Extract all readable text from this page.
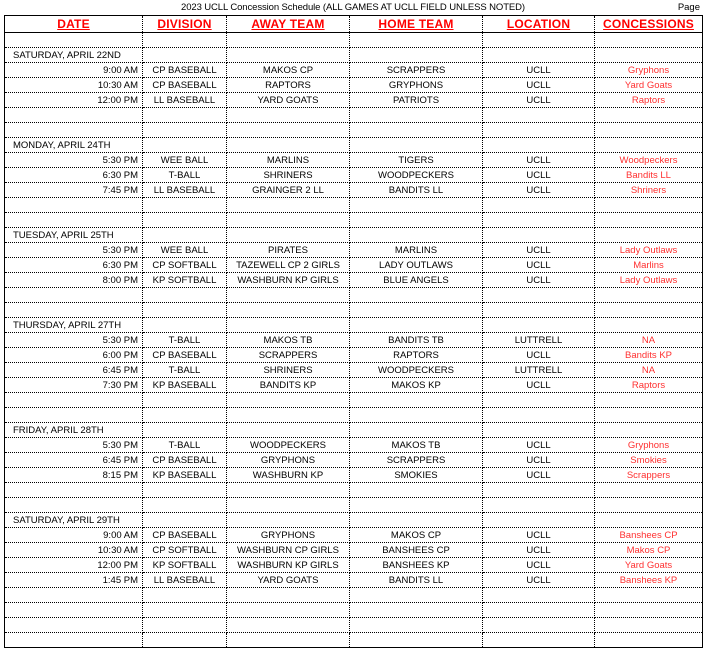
2023 UCLL Concession Schedule (ALL GAMES AT UCLL FIELD UNLESS NOTED)	Page
DATE	DIVISION	AWAY TEAM	HOME TEAM	LOCATION	CONCESSIONS

SATURDAY, APRIL 22ND					
9:00 AM	CP BASEBALL	MAKOS CP	SCRAPPERS	UCLL	Gryphons
10:30 AM	CP BASEBALL	RAPTORS	GRYPHONS	UCLL	Yard Goats
12:00 PM	LL BASEBALL	YARD GOATS	PATRIOTS	UCLL	Raptors

MONDAY, APRIL 24TH					
5:30 PM	WEE BALL	MARLINS	TIGERS	UCLL	Woodpeckers
6:30 PM	T-BALL	SHRINERS	WOODPECKERS	UCLL	Bandits LL
7:45 PM	LL BASEBALL	GRAINGER 2 LL	BANDITS LL	UCLL	Shriners

TUESDAY, APRIL 25TH					
5:30 PM	WEE BALL	PIRATES	MARLINS	UCLL	Lady Outlaws
6:30 PM	CP SOFTBALL	TAZEWELL CP 2 GIRLS	LADY OUTLAWS	UCLL	Marlins
8:00 PM	KP SOFTBALL	WASHBURN KP GIRLS	BLUE ANGELS	UCLL	Lady Outlaws

THURSDAY, APRIL 27TH					
5:30 PM	T-BALL	MAKOS TB	BANDITS TB	LUTTRELL	NA
6:00 PM	CP BASEBALL	SCRAPPERS	RAPTORS	UCLL	Bandits KP
6:45 PM	T-BALL	SHRINERS	WOODPECKERS	LUTTRELL	NA
7:30 PM	KP BASEBALL	BANDITS KP	MAKOS KP	UCLL	Raptors

FRIDAY, APRIL 28TH					
5:30 PM	T-BALL	WOODPECKERS	MAKOS TB	UCLL	Gryphons
6:45 PM	CP BASEBALL	GRYPHONS	SCRAPPERS	UCLL	Smokies
8:15 PM	KP BASEBALL	WASHBURN KP	SMOKIES	UCLL	Scrappers

SATURDAY, APRIL 29TH					
9:00 AM	CP BASEBALL	GRYPHONS	MAKOS CP	UCLL	Banshees CP
10:30 AM	CP SOFTBALL	WASHBURN CP GIRLS	BANSHEES CP	UCLL	Makos CP
12:00 PM	KP SOFTBALL	WASHBURN KP GIRLS	BANSHEES KP	UCLL	Yard Goats
1:45 PM	LL BASEBALL	YARD GOATS	BANDITS LL	UCLL	Banshees KP
